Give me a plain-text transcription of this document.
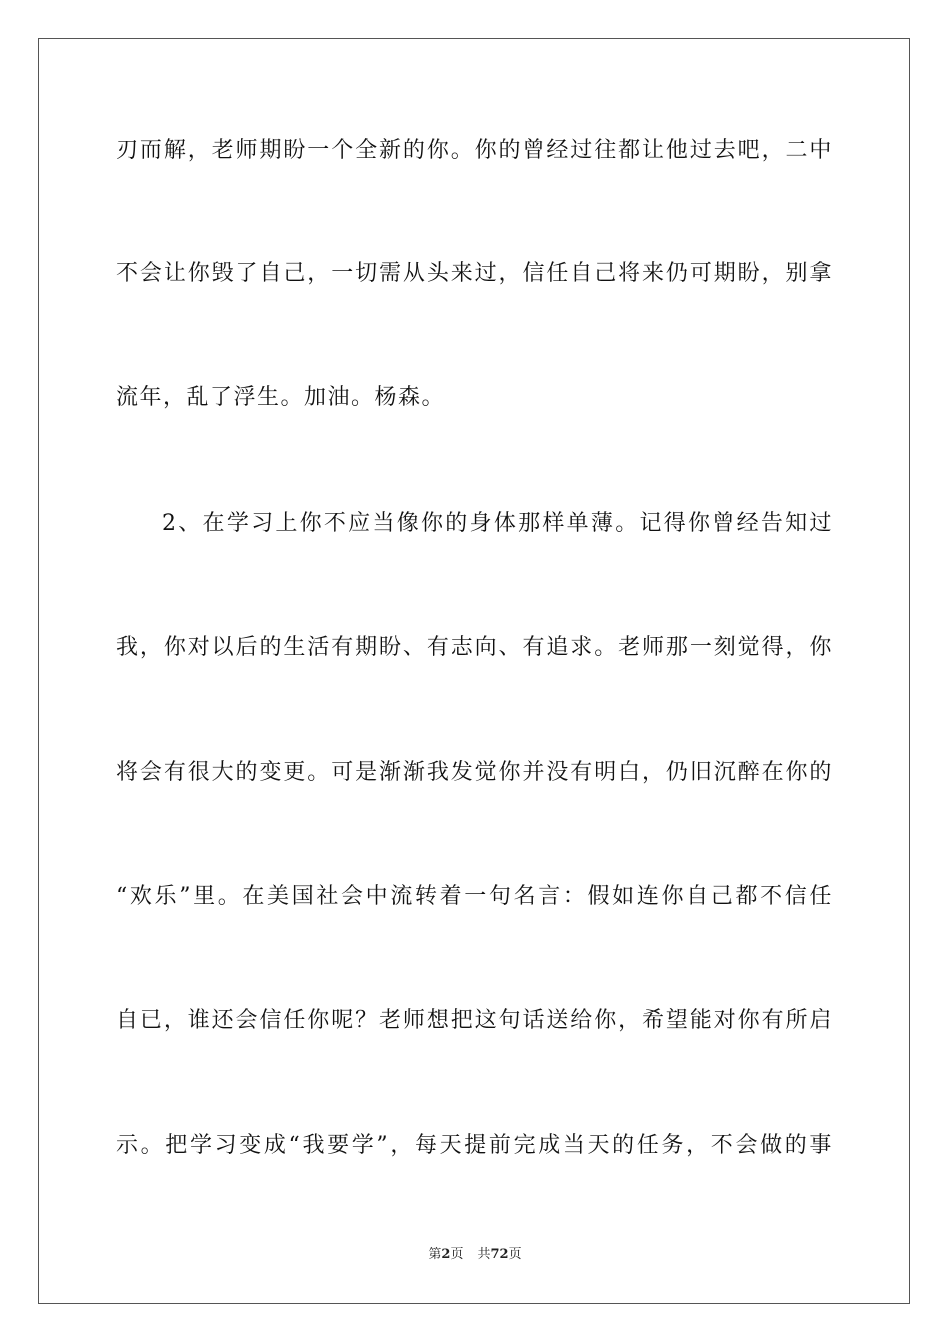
刃而解，老师期盼一个全新的你。你的曾经过往都让他过去吧，二中
不会让你毁了自己，一切需从头来过，信任自己将来仍可期盼，别拿
流年，乱了浮生。加油。杨森。
2、在学习上你不应当像你的身体那样单薄。记得你曾经告知过
我，你对以后的生活有期盼、有志向、有追求。老师那一刻觉得，你
将会有很大的变更。可是渐渐我发觉你并没有明白，仍旧沉醉在你的
“欢乐”里。在美国社会中流转着一句名言：假如连你自己都不信任
自已，谁还会信任你呢？老师想把这句话送给你，希望能对你有所启
示。把学习变成“我要学”，每天提前完成当天的任务，不会做的事
第2页 共72页
